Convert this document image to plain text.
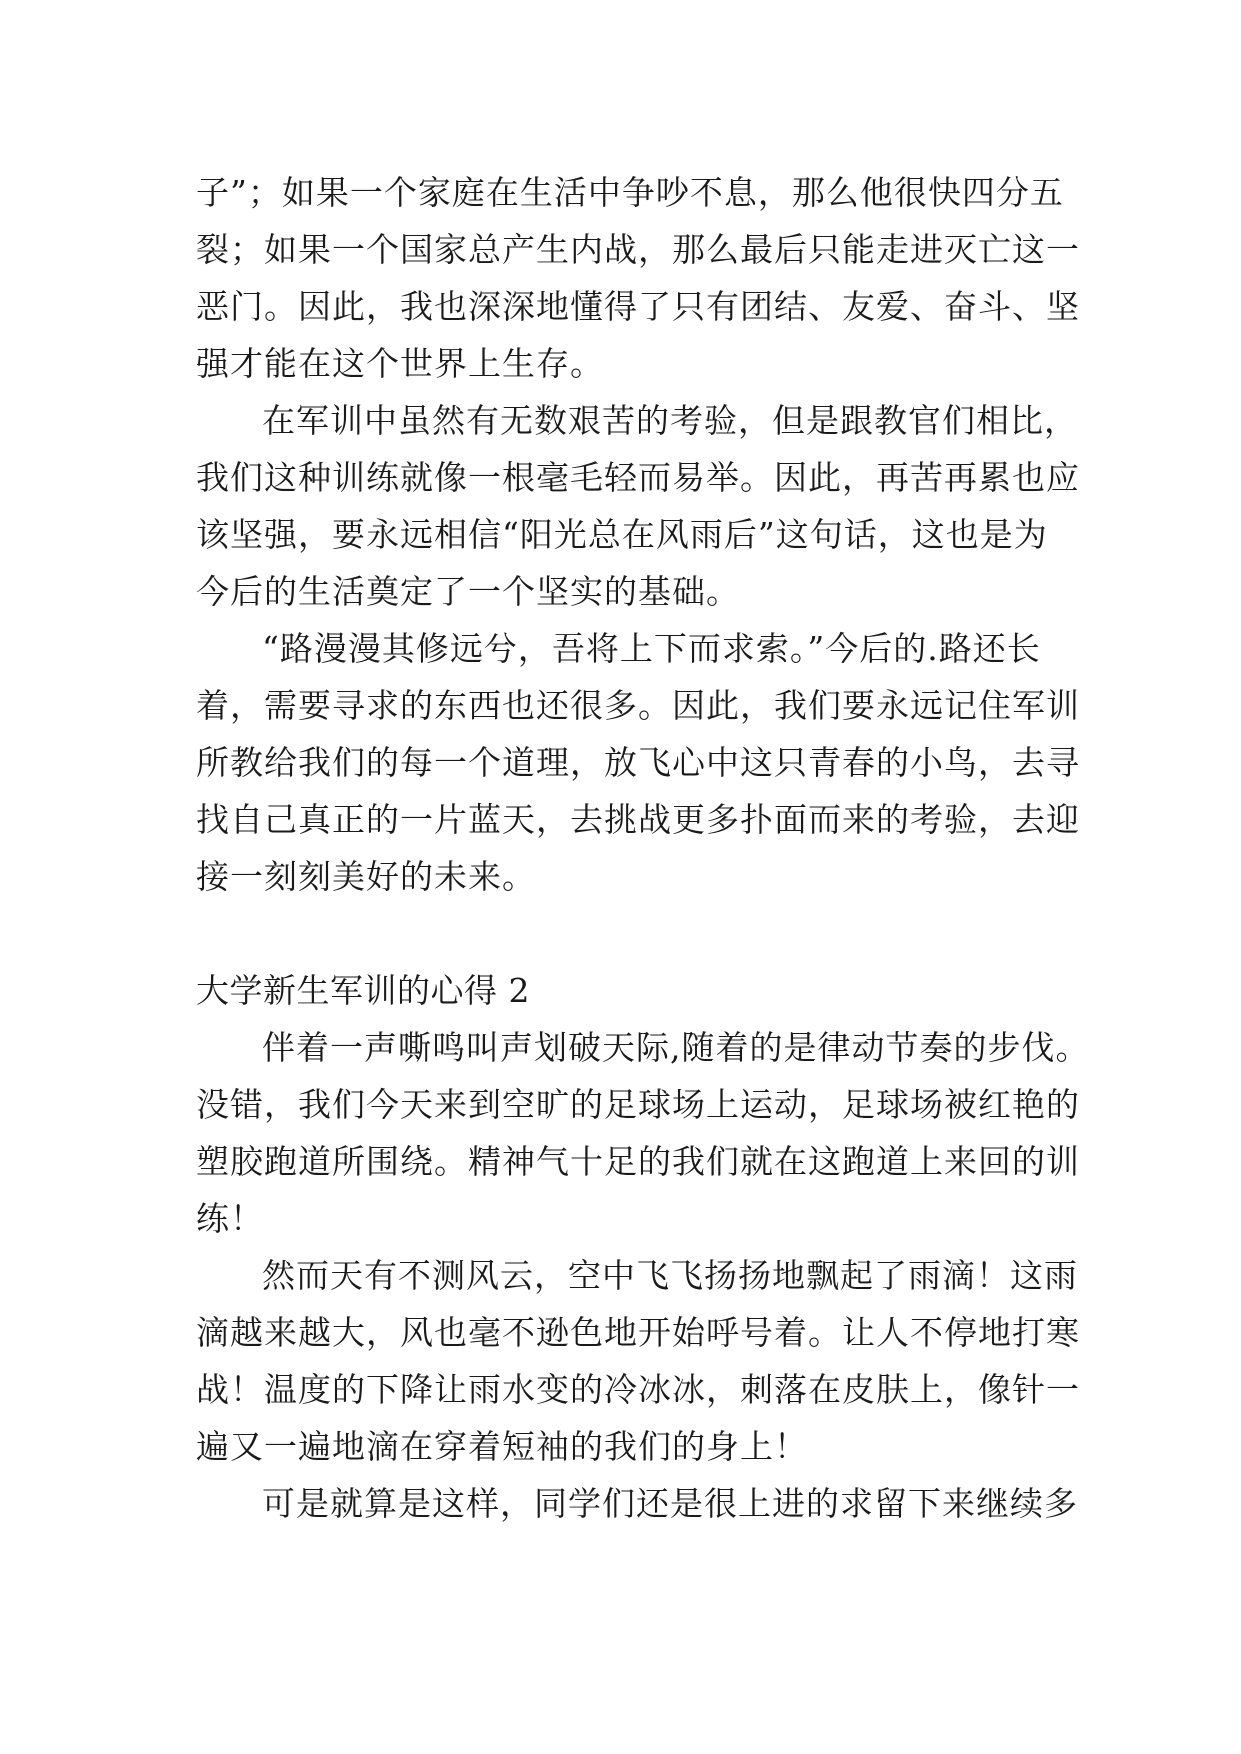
子”；如果一个家庭在生活中争吵不息，那么他很快四分五
裂；如果一个国家总产生内战，那么最后只能走进灭亡这一
恶门。因此，我也深深地懂得了只有团结、友爱、奋斗、坚
强才能在这个世界上生存。
在军训中虽然有无数艰苦的考验，但是跟教官们相比，
我们这种训练就像一根毫毛轻而易举。因此，再苦再累也应
该坚强，要永远相信“阳光总在风雨后”这句话，这也是为
今后的生活奠定了一个坚实的基础。
“路漫漫其修远兮，吾将上下而求索。”今后的.路还长
着，需要寻求的东西也还很多。因此，我们要永远记住军训
所教给我们的每一个道理，放飞心中这只青春的小鸟，去寻
找自己真正的一片蓝天，去挑战更多扑面而来的考验，去迎
接一刻刻美好的未来。
大学新生军训的心得 2
伴着一声嘶鸣叫声划破天际,随着的是律动节奏的步伐。
没错，我们今天来到空旷的足球场上运动，足球场被红艳的
塑胶跑道所围绕。精神气十足的我们就在这跑道上来回的训
练！
然而天有不测风云，空中飞飞扬扬地飘起了雨滴！这雨
滴越来越大，风也毫不逊色地开始呼号着。让人不停地打寒
战！温度的下降让雨水变的冷冰冰，刺落在皮肤上，像针一
遍又一遍地滴在穿着短袖的我们的身上！
可是就算是这样，同学们还是很上进的求留下来继续多
